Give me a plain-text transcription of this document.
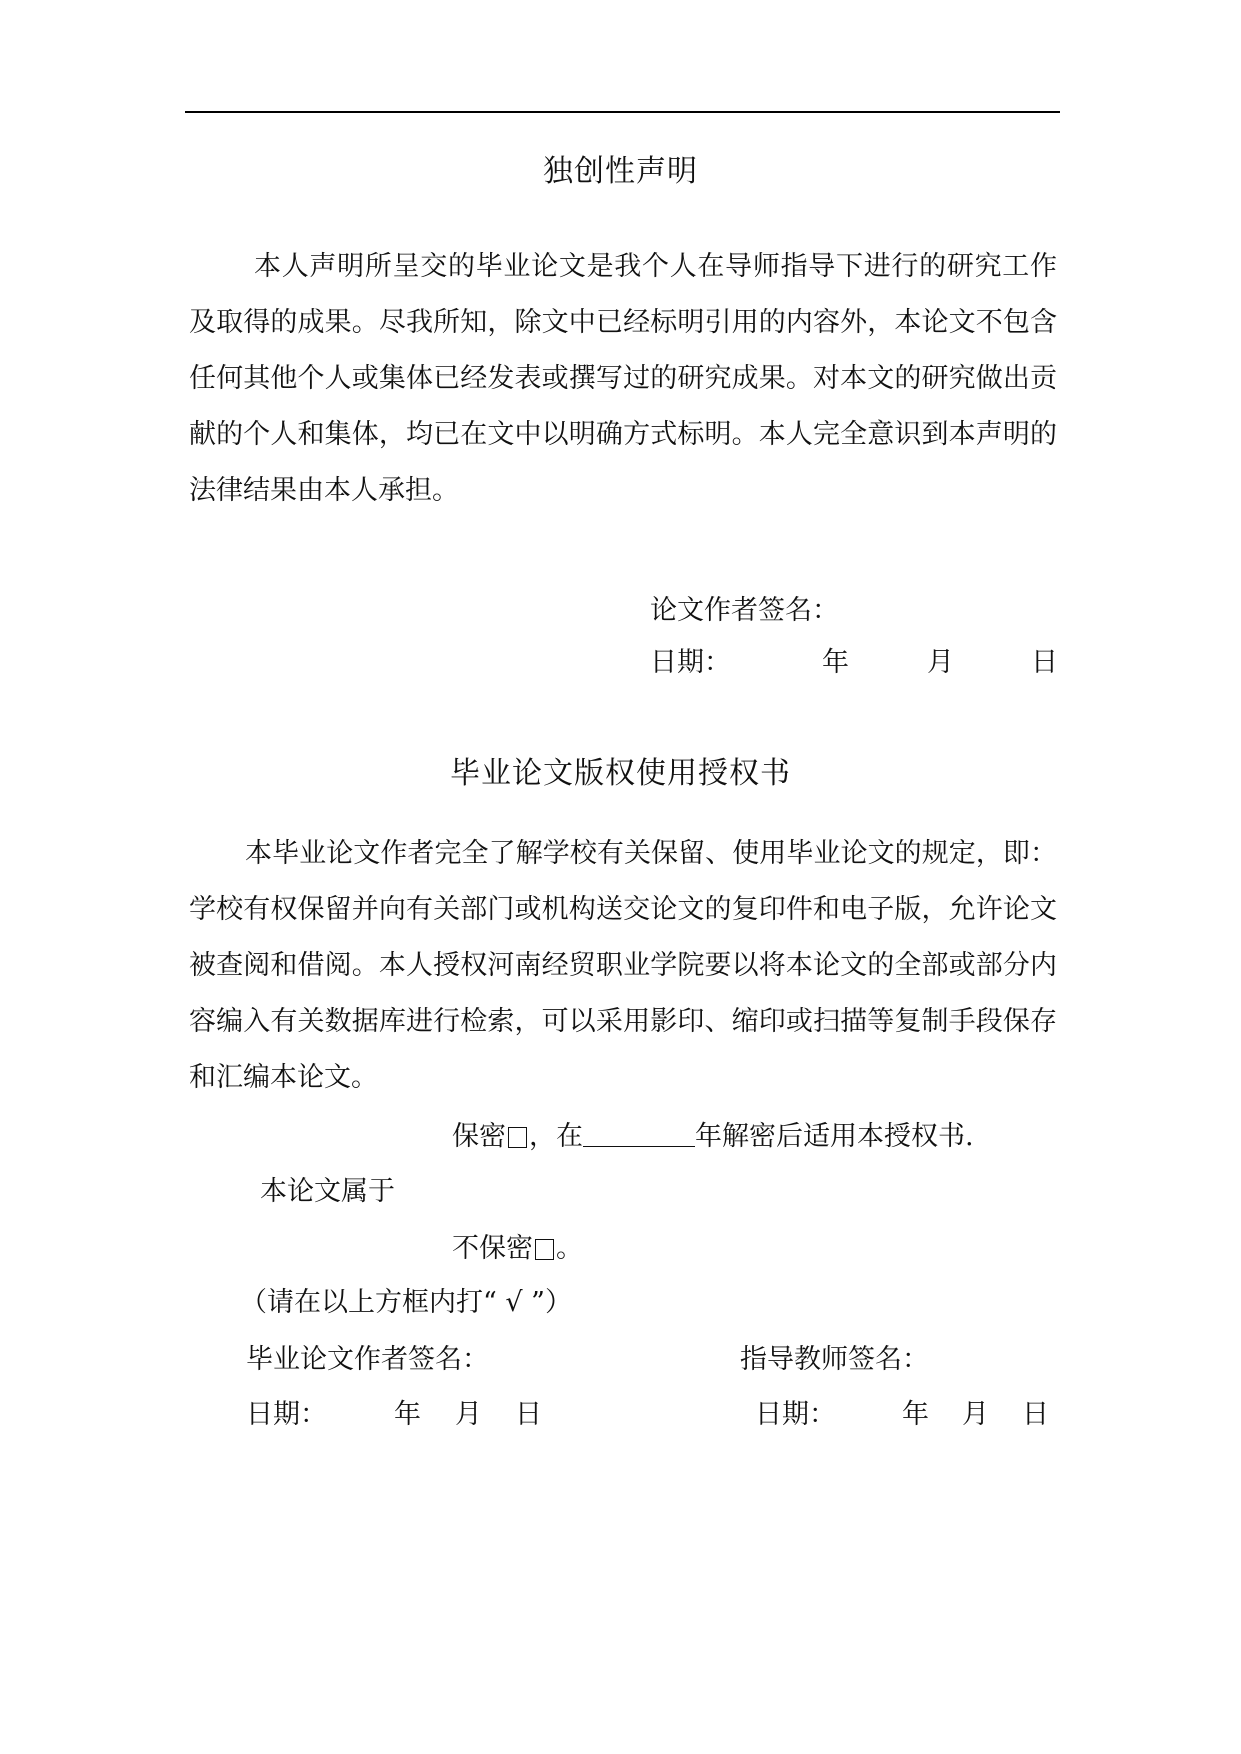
独创性声明

本人声明所呈交的毕业论文是我个人在导师指导下进行的研究工作及取得的成果。尽我所知，除文中已经标明引用的内容外，本论文不包含任何其他个人或集体已经发表或撰写过的研究成果。对本文的研究做出贡献的个人和集体，均已在文中以明确方式标明。本人完全意识到本声明的法律结果由本人承担。

论文作者签名：
日期：	年	月	日
毕业论文版权使用授权书

本毕业论文作者完全了解学校有关保留、使用毕业论文的规定，即：学校有权保留并向有关部门或机构送交论文的复印件和电子版，允许论文被查阅和借阅。本人授权河南经贸职业学院要以将本论文的全部或部分内容编入有关数据库进行检索，可以采用影印、缩印或扫描等复制手段保存和汇编本论文。

保密 ，在	年解密后适用本授权书.
本论文属于
不保密 。
（请在以上方框内打“ √ ”）
毕业论文作者签名：	指导教师签名：
日期： 年 月 日	日期： 年 月 日
